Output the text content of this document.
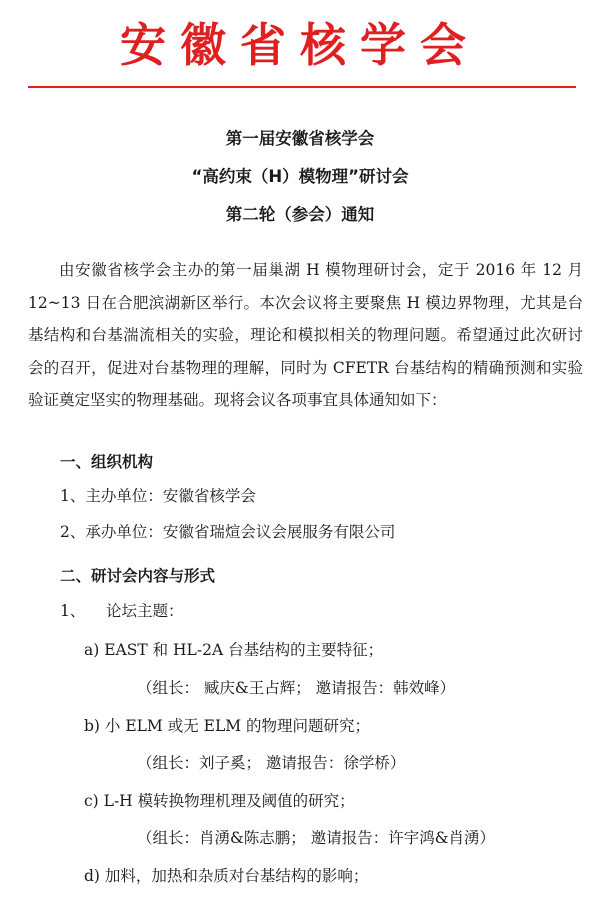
安徽省核学会
第一届安徽省核学会
“高约束（H）模物理”研讨会
第二轮（参会）通知

由安徽省核学会主办的第一届巢湖 H 模物理研讨会，定于 2016 年 12 月 12~13 日在合肥滨湖新区举行。本次会议将主要聚焦 H 模边界物理，尤其是台基结构和台基湍流相关的实验，理论和模拟相关的物理问题。希望通过此次研讨会的召开，促进对台基物理的理解，同时为 CFETR 台基结构的精确预测和实验验证奠定坚实的物理基础。现将会议各项事宜具体通知如下：

一、组织机构
1、主办单位：安徽省核学会
2、承办单位：安徽省瑞煊会议会展服务有限公司
二、研讨会内容与形式
1、 论坛主题：
a) EAST 和 HL-2A 台基结构的主要特征；
（组长： 臧庆&王占辉； 邀请报告：韩效峰）
b) 小 ELM 或无 ELM 的物理问题研究；
（组长：刘子奚； 邀请报告：徐学桥）
c) L-H 模转换物理机理及阈值的研究；
（组长：肖湧&陈志鹏； 邀请报告：许宇鸿&肖湧）
d) 加料，加热和杂质对台基结构的影响；
